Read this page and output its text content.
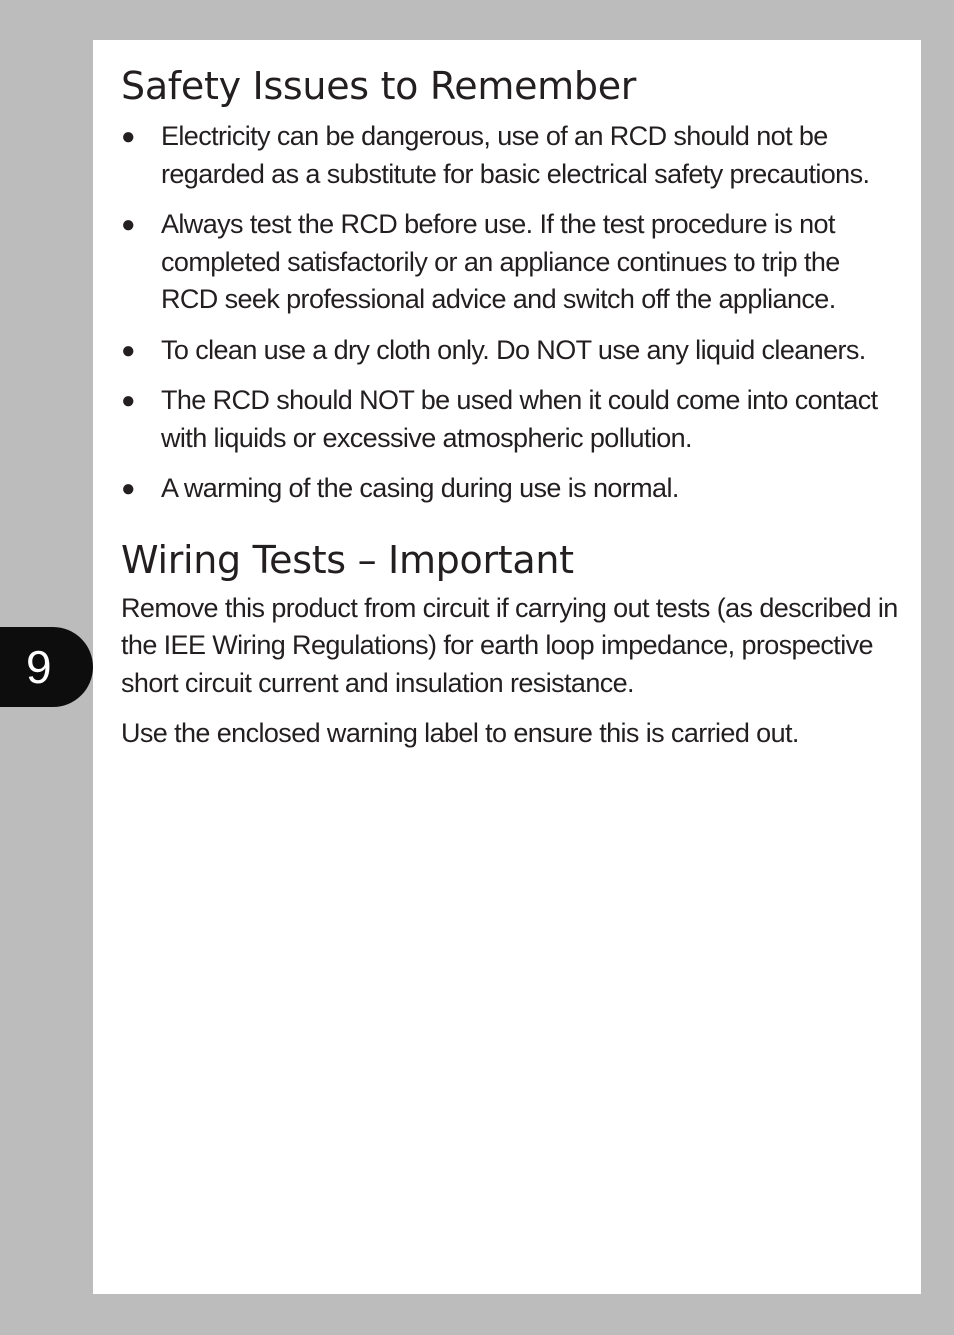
Safety Issues to Remember
● Electricity can be dangerous, use of an RCD should not be regarded as a substitute for basic electrical safety precautions.
● Always test the RCD before use. If the test procedure is not completed satisfactorily or an appliance continues to trip the RCD seek professional advice and switch off the appliance.
● To clean use a dry cloth only. Do NOT use any liquid cleaners.
● The RCD should NOT be used when it could come into contact with liquids or excessive atmospheric pollution.
● A warming of the casing during use is normal.
Wiring Tests – Important

Remove this product from circuit if carrying out tests (as described in the IEE Wiring Regulations) for earth loop impedance, prospective short circuit current and insulation resistance.

Use the enclosed warning label to ensure this is carried out.

9
